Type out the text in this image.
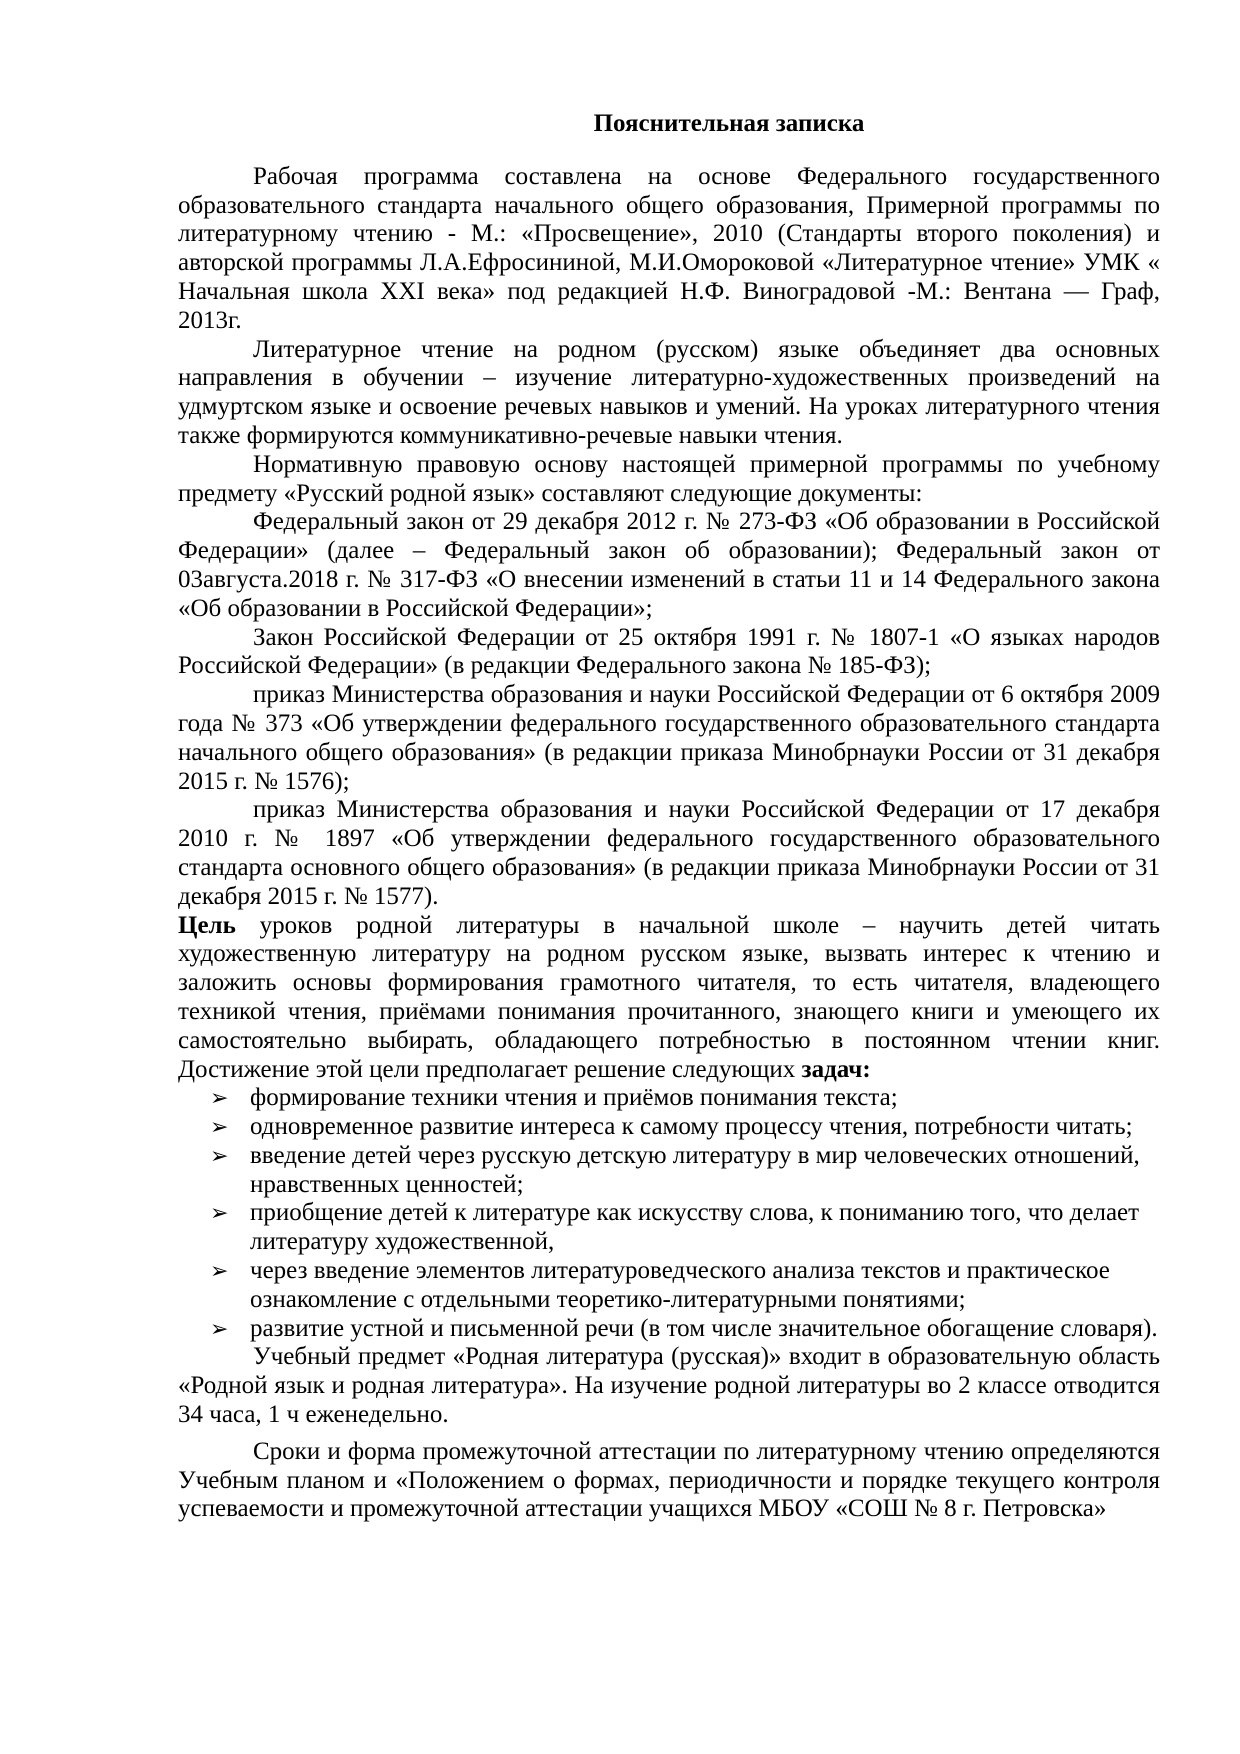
Пояснительная записка

Рабочая программа составлена на основе Федерального государственного образовательного стандарта начального общего образования, Примерной программы по литературному чтению - М.: «Просвещение», 2010 (Стандарты второго поколения) и авторской программы Л.А.Ефросининой, М.И.Омороковой «Литературное чтение» УМК « Начальная школа XXI века» под редакцией Н.Ф. Виноградовой -М.: Вентана — Граф, 2013г.

Литературное чтение на родном (русском) языке объединяет два основных направления в обучении – изучение литературно-художественных произведений на удмуртском языке и освоение речевых навыков и умений. На уроках литературного чтения также формируются коммуникативно-речевые навыки чтения.

Нормативную правовую основу настоящей примерной программы по учебному предмету «Русский родной язык» составляют следующие документы:

Федеральный закон от 29 декабря 2012 г. № 273-ФЗ «Об образовании в Российской Федерации» (далее – Федеральный закон об образовании); Федеральный закон от 03августа.2018 г. № 317-ФЗ «О внесении изменений в статьи 11 и 14 Федерального закона «Об образовании в Российской Федерации»;

Закон Российской Федерации от 25 октября 1991 г. № 1807-1 «О языках народов Российской Федерации» (в редакции Федерального закона № 185-ФЗ);

приказ Министерства образования и науки Российской Федерации от 6 октября 2009 года № 373 «Об утверждении федерального государственного образовательного стандарта начального общего образования» (в редакции приказа Минобрнауки России от 31 декабря 2015 г. № 1576);

приказ Министерства образования и науки Российской Федерации от 17 декабря 2010 г. № 1897 «Об утверждении федерального государственного образовательного стандарта основного общего образования» (в редакции приказа Минобрнауки России от 31 декабря 2015 г. № 1577).

Цель уроков родной литературы в начальной школе – научить детей читать художественную литературу на родном русском языке, вызвать интерес к чтению и заложить основы формирования грамотного читателя, то есть читателя, владеющего техникой чтения, приёмами понимания прочитанного, знающего книги и умеющего их самостоятельно выбирать, обладающего потребностью в постоянном чтении книг. Достижение этой цели предполагает решение следующих задач:

➢ формирование техники чтения и приёмов понимания текста;
➢ одновременное развитие интереса к самому процессу чтения, потребности читать;
➢ введение детей через русскую детскую литературу в мир человеческих отношений, нравственных ценностей;
➢ приобщение детей к литературе как искусству слова, к пониманию того, что делает литературу художественной,
➢ через введение элементов литературоведческого анализа текстов и практическое ознакомление с отдельными теоретико-литературными понятиями;
➢ развитие устной и письменной речи (в том числе значительное обогащение словаря).

Учебный предмет «Родная литература (русская)» входит в образовательную область «Родной язык и родная литература». На изучение родной литературы во 2 классе отводится 34 часа, 1 ч еженедельно.

Сроки и форма промежуточной аттестации по литературному чтению определяются Учебным планом и «Положением о формах, периодичности и порядке текущего контроля успеваемости и промежуточной аттестации учащихся МБОУ «СОШ № 8 г. Петровска»
